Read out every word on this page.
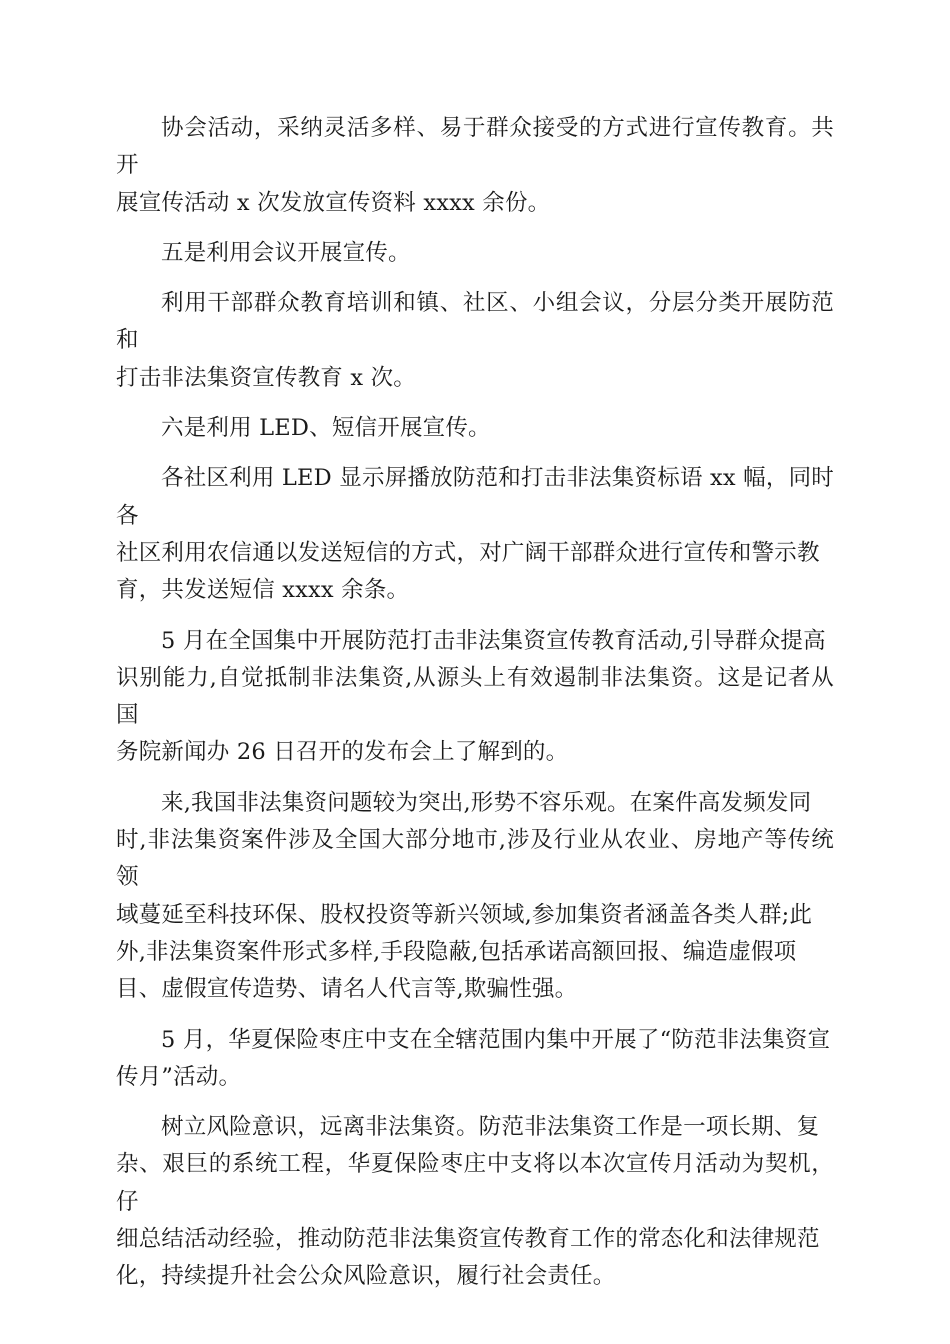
协会活动，采纳灵活多样、易于群众接受的方式进行宣传教育。共开
展宣传活动 x 次发放宣传资料 xxxx 余份。

五是利用会议开展宣传。

利用干部群众教育培训和镇、社区、小组会议，分层分类开展防范和
打击非法集资宣传教育 x 次。

六是利用 LED、短信开展宣传。

各社区利用 LED 显示屏播放防范和打击非法集资标语 xx 幅，同时各
社区利用农信通以发送短信的方式，对广阔干部群众进行宣传和警示教
育，共发送短信 xxxx 余条。

5 月在全国集中开展防范打击非法集资宣传教育活动,引导群众提高
识别能力,自觉抵制非法集资,从源头上有效遏制非法集资。这是记者从国
务院新闻办 26 日召开的发布会上了解到的。

来,我国非法集资问题较为突出,形势不容乐观。在案件高发频发同
时,非法集资案件涉及全国大部分地市,涉及行业从农业、房地产等传统领
域蔓延至科技环保、股权投资等新兴领域,参加集资者涵盖各类人群;此
外,非法集资案件形式多样,手段隐蔽,包括承诺高额回报、编造虚假项
目、虚假宣传造势、请名人代言等,欺骗性强。

5 月，华夏保险枣庄中支在全辖范围内集中开展了“防范非法集资宣
传月”活动。

树立风险意识，远离非法集资。防范非法集资工作是一项长期、复
杂、艰巨的系统工程，华夏保险枣庄中支将以本次宣传月活动为契机，仔
细总结活动经验，推动防范非法集资宣传教育工作的常态化和法律规范
化，持续提升社会公众风险意识，履行社会责任。
